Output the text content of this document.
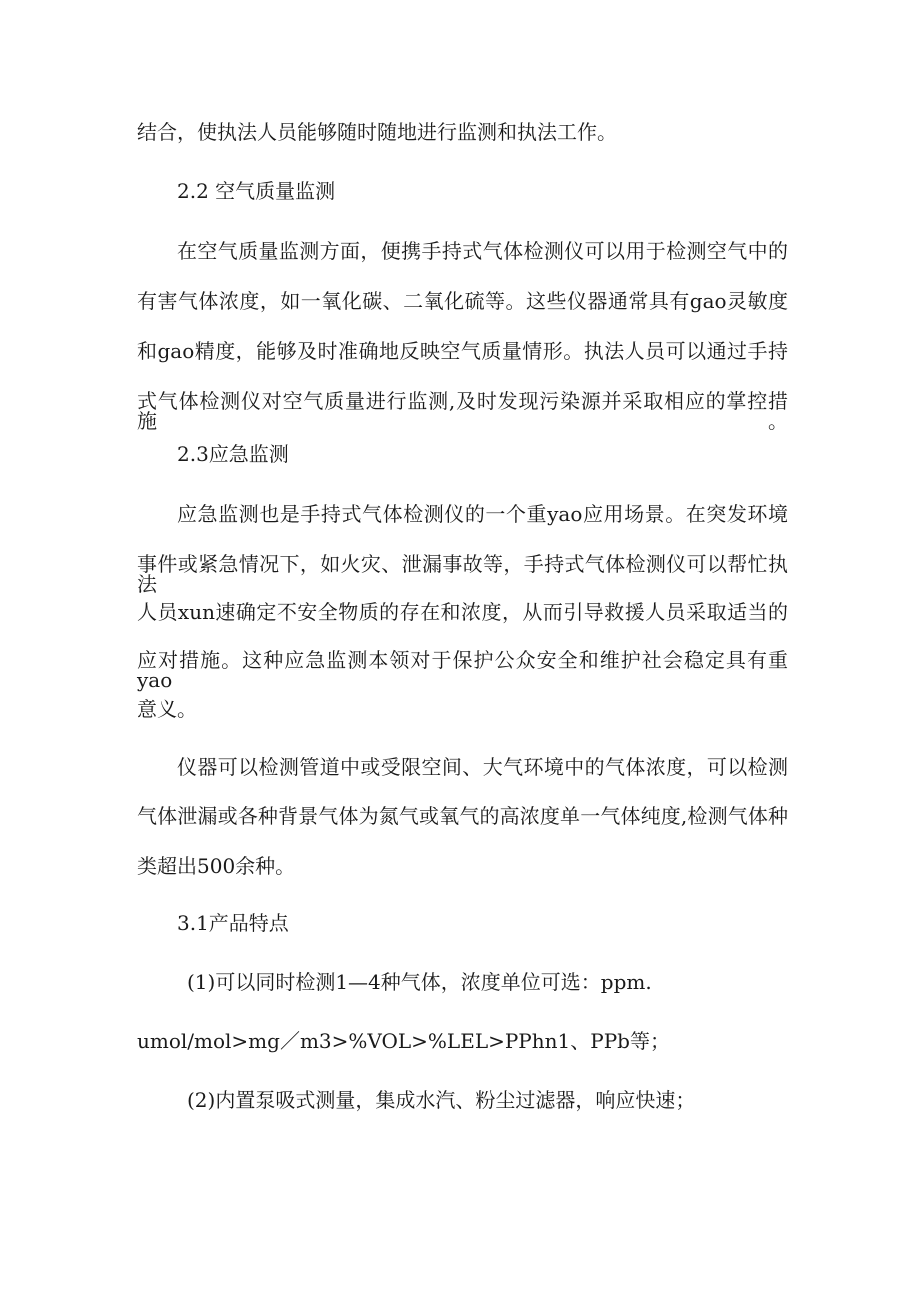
结合，使执法人员能够随时随地进行监测和执法工作。

2.2 空气质量监测

在空气质量监测方面，便携手持式气体检测仪可以用于检测空气中的

有害气体浓度，如一氧化碳、二氧化硫等。这些仪器通常具有gao灵敏度

和gao精度，能够及时准确地反映空气质量情形。执法人员可以通过手持

式气体检测仪对空气质量进行监测,及时发现污染源并采取相应的掌控措施。

2.3应急监测

应急监测也是手持式气体检测仪的一个重yao应用场景。在突发环境

事件或紧急情况下，如火灾、泄漏事故等，手持式气体检测仪可以帮忙执法

人员xun速确定不安全物质的存在和浓度，从而引导救援人员采取适当的

应对措施。这种应急监测本领对于保护公众安全和维护社会稳定具有重yao

意义。

仪器可以检测管道中或受限空间、大气环境中的气体浓度，可以检测

气体泄漏或各种背景气体为氮气或氧气的高浓度单一气体纯度,检测气体种

类超出500余种。

3.1产品特点

(1)可以同时检测1—4种气体，浓度单位可选：ppm.

umol/mol>mg／m3>%VOL>%LEL>PPhn1、PPb等；

(2)内置泵吸式测量，集成水汽、粉尘过滤器，响应快速；
